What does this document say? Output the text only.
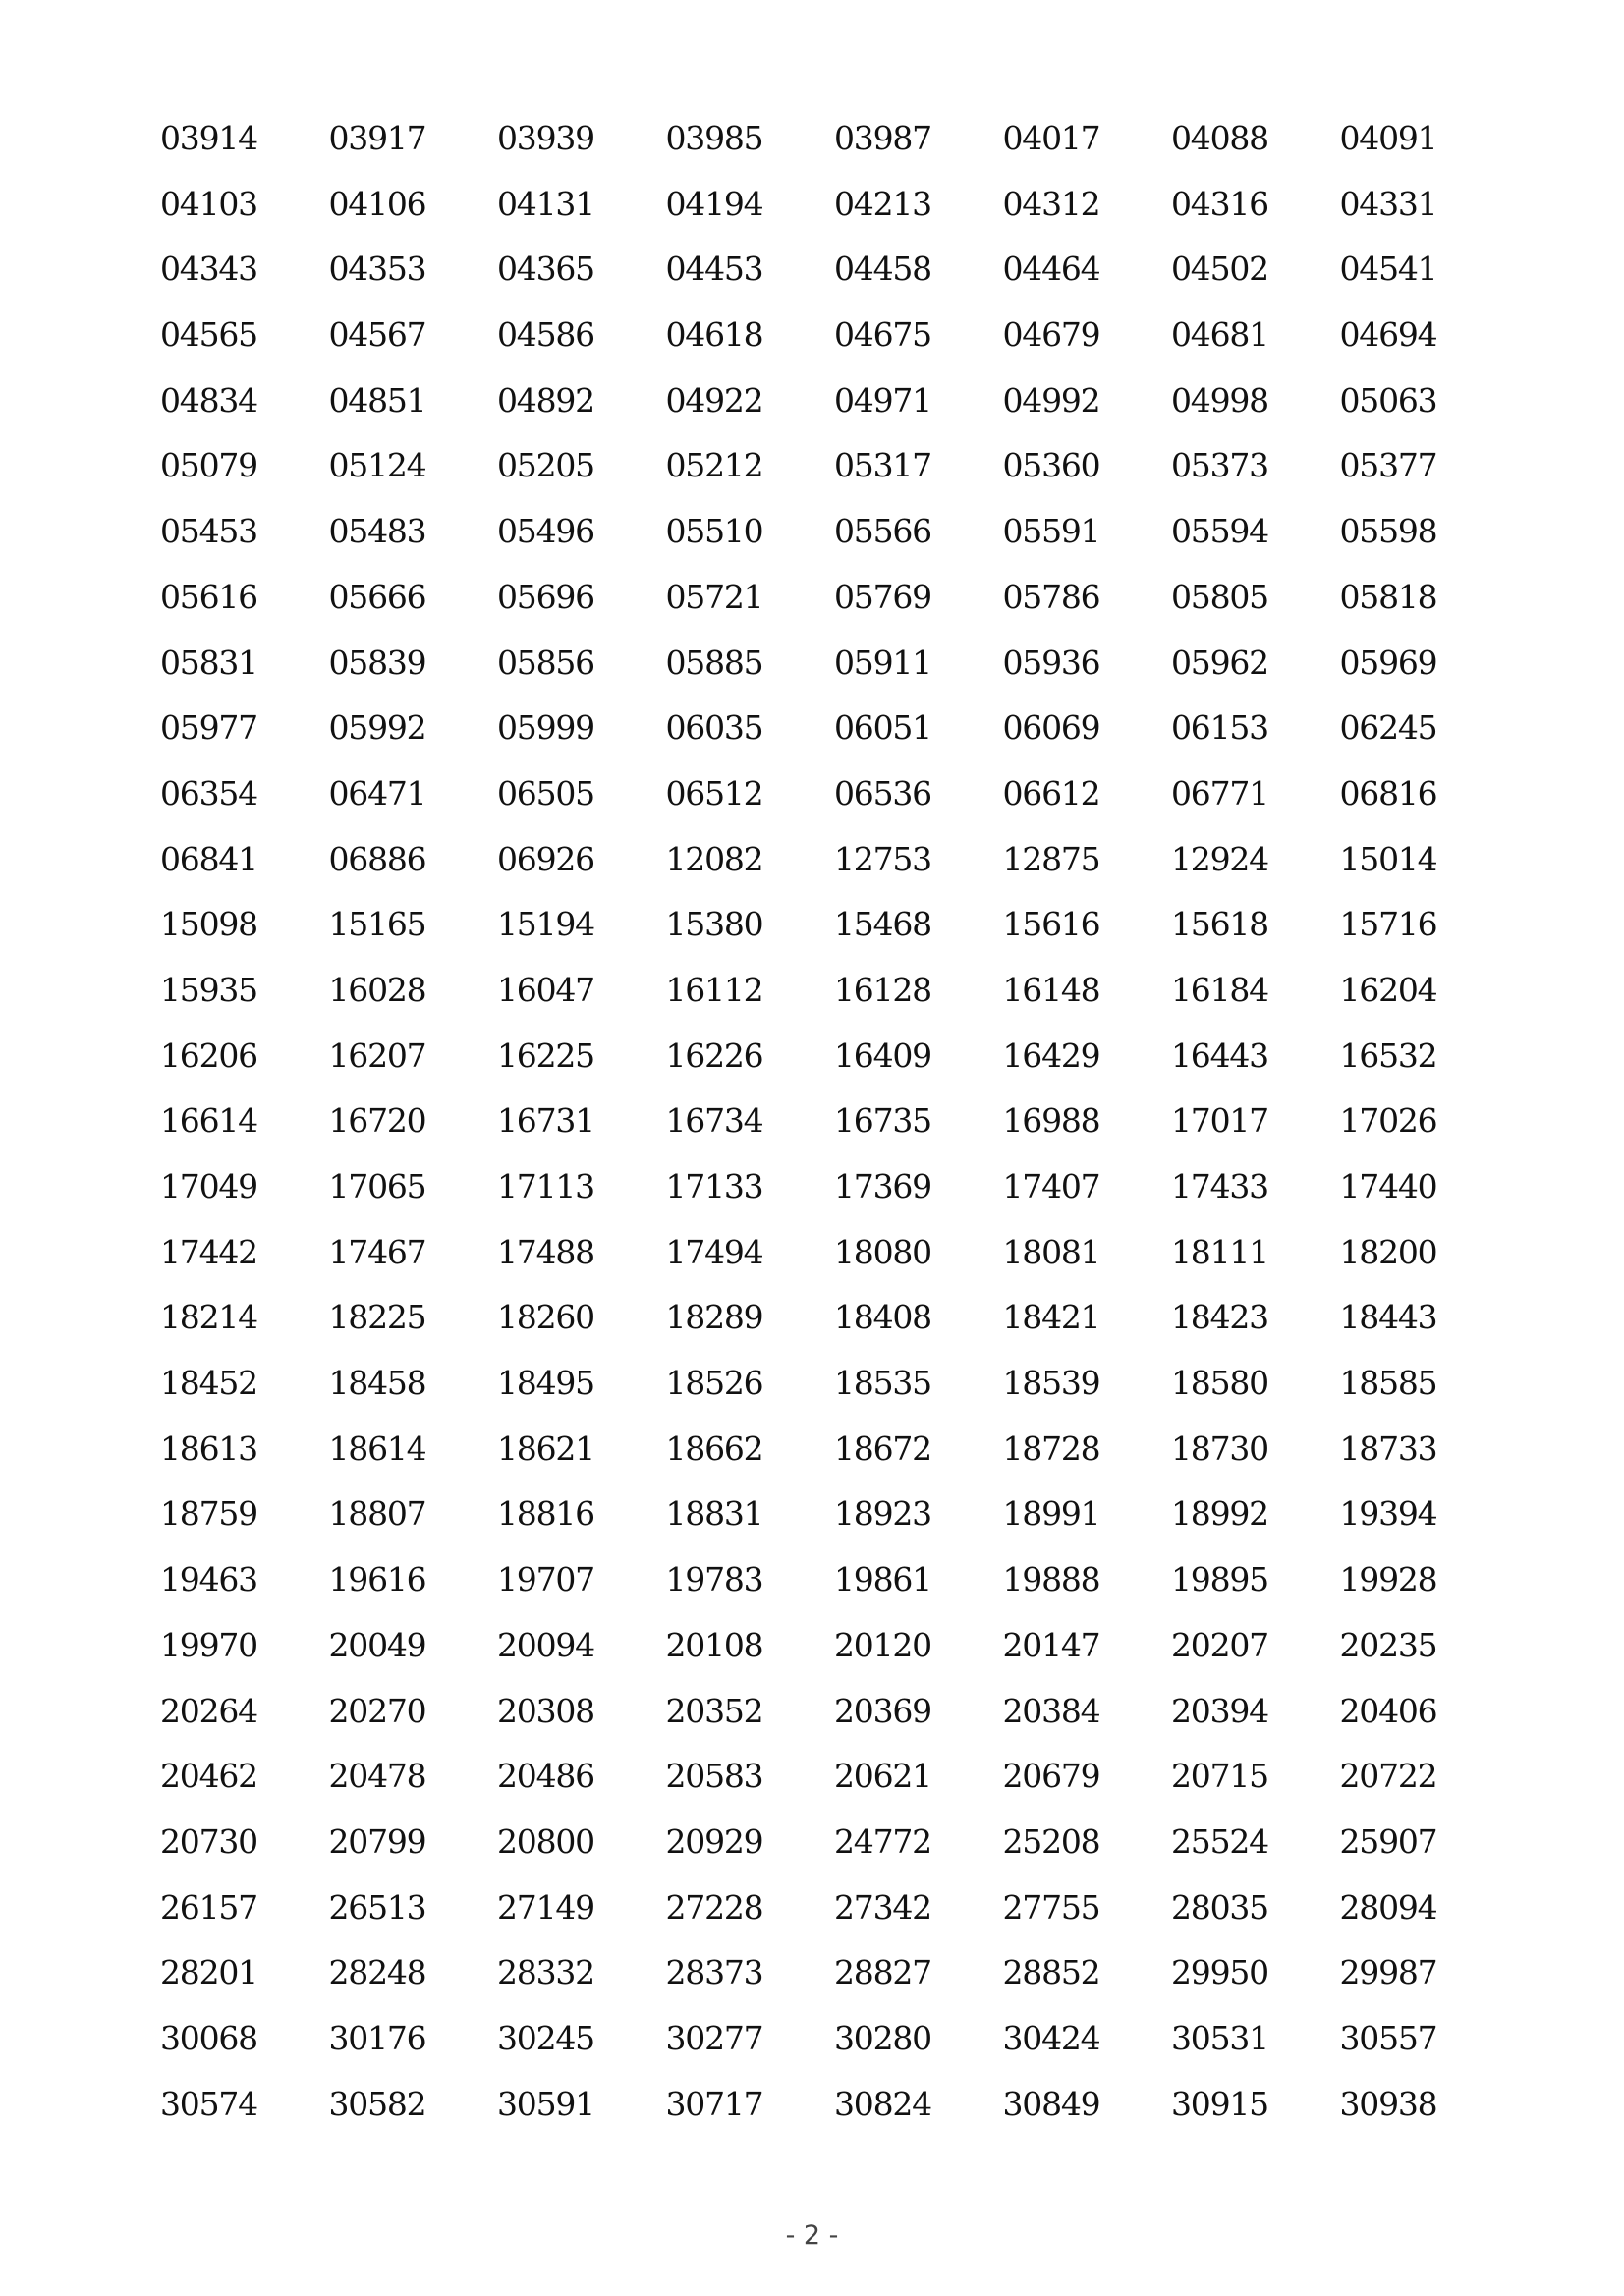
03914	03917	03939	03985	03987	04017	04088	04091
04103	04106	04131	04194	04213	04312	04316	04331
04343	04353	04365	04453	04458	04464	04502	04541
04565	04567	04586	04618	04675	04679	04681	04694
04834	04851	04892	04922	04971	04992	04998	05063
05079	05124	05205	05212	05317	05360	05373	05377
05453	05483	05496	05510	05566	05591	05594	05598
05616	05666	05696	05721	05769	05786	05805	05818
05831	05839	05856	05885	05911	05936	05962	05969
05977	05992	05999	06035	06051	06069	06153	06245
06354	06471	06505	06512	06536	06612	06771	06816
06841	06886	06926	12082	12753	12875	12924	15014
15098	15165	15194	15380	15468	15616	15618	15716
15935	16028	16047	16112	16128	16148	16184	16204
16206	16207	16225	16226	16409	16429	16443	16532
16614	16720	16731	16734	16735	16988	17017	17026
17049	17065	17113	17133	17369	17407	17433	17440
17442	17467	17488	17494	18080	18081	18111	18200
18214	18225	18260	18289	18408	18421	18423	18443
18452	18458	18495	18526	18535	18539	18580	18585
18613	18614	18621	18662	18672	18728	18730	18733
18759	18807	18816	18831	18923	18991	18992	19394
19463	19616	19707	19783	19861	19888	19895	19928
19970	20049	20094	20108	20120	20147	20207	20235
20264	20270	20308	20352	20369	20384	20394	20406
20462	20478	20486	20583	20621	20679	20715	20722
20730	20799	20800	20929	24772	25208	25524	25907
26157	26513	27149	27228	27342	27755	28035	28094
28201	28248	28332	28373	28827	28852	29950	29987
30068	30176	30245	30277	30280	30424	30531	30557
30574	30582	30591	30717	30824	30849	30915	30938
- 2 -
